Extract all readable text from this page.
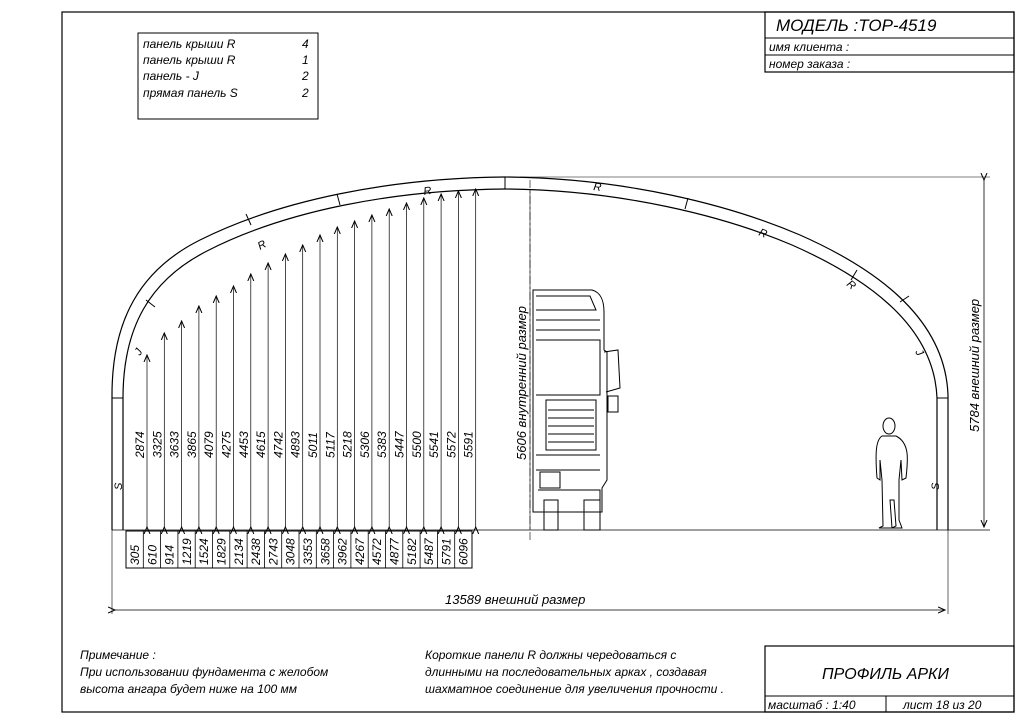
МОДЕЛЬ :TOP-4519
имя клиента :
номер заказа :
панель крыши R	4
панель крыши R	1
панель - J	2
прямая панель S	2
S	S
J	J
R
R	R
R
R
2874 3325 3633 3865 4079 4275 4453 4615 4742 4893 5011 5117 5218 5306 5383 5447 5500 5541 5572 5591
305 610 914 1219 1524 1829 2134 2438 2743 3048 3353 3658 3962 4267 4572 4877 5182 5487 5791 6096
5606 внутренний размер	5784 внешний размер
13589 внешний размер
Примечание :
При использовании фундамента с желобом
высота ангара будет ниже на 100 мм
Короткие панели R должны чередоваться с
длинными на последовательных арках , создавая
шахматное соединение для увеличения прочности .
ПРОФИЛЬ АРКИ
масштаб : 1:40	лист 18 из 20
